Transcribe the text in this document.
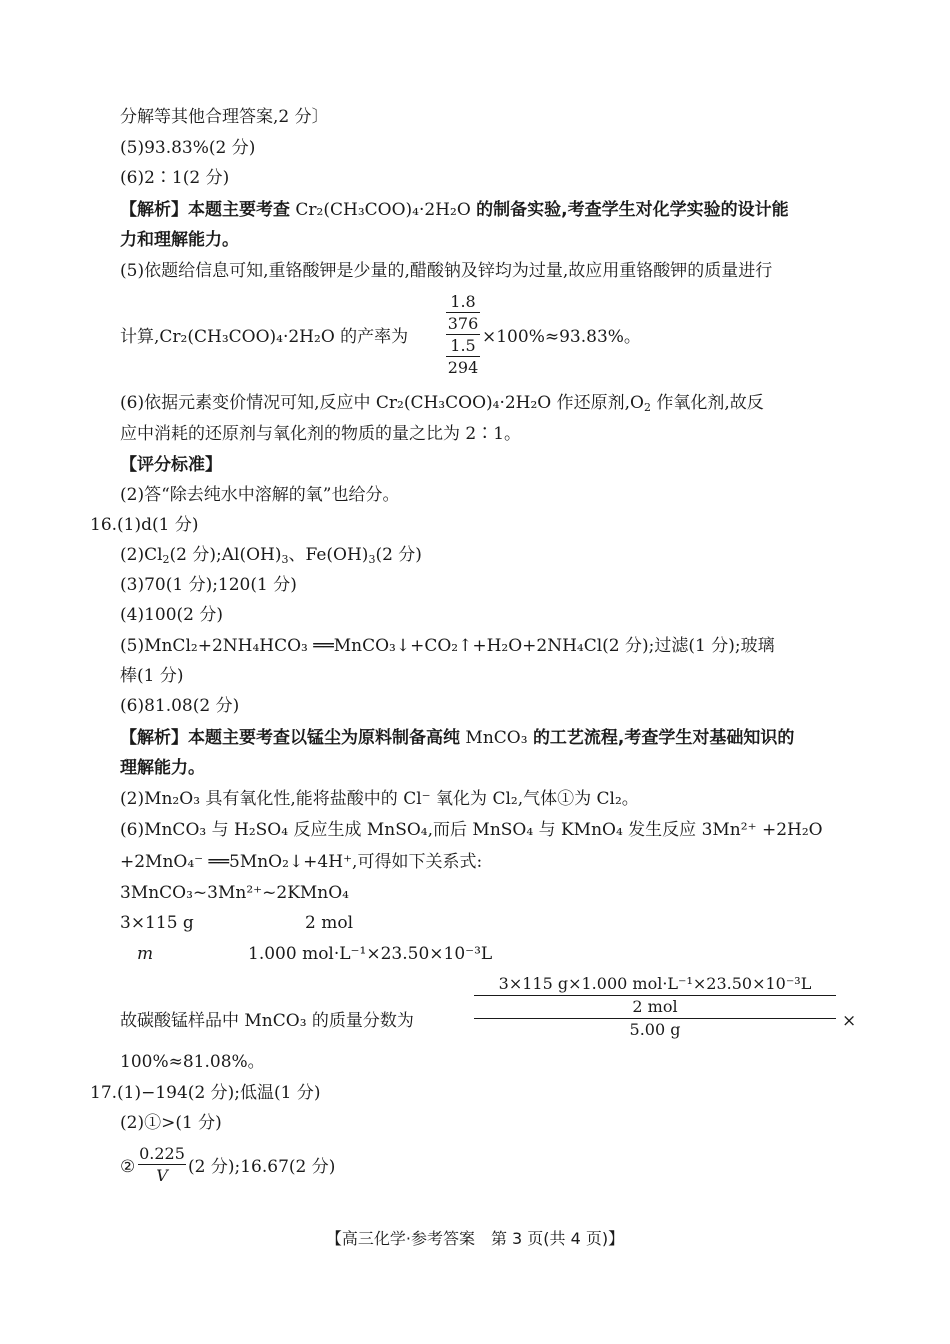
分解等其他合理答案,2 分〕
(5)93.83%(2 分)
(6)2∶1(2 分)
【解析】本题主要考查 Cr₂(CH₃COO)₄·2H₂O 的制备实验,考查学生对化学实验的设计能
力和理解能力。
(5)依题给信息可知,重铬酸钾是少量的,醋酸钠及锌均为过量,故应用重铬酸钾的质量进行
计算,Cr₂(CH₃COO)₄·2H₂O 的产率为
1.8
376
1.5
294
×100%≈93.83%。
(6)依据元素变价情况可知,反应中 Cr₂(CH₃COO)₄·2H₂O 作还原剂$,O_2$ 作氧化剂,故反
应中消耗的还原剂与氧化剂的物质的量之比为 2∶1。
【评分标准】
(2)答“除去纯水中溶解的氧”也给分。
16.(1)d(1 分)
$(2)Cl_2(2$ 分)$;Al(OH)_3$、$Fe(OH)_3(2$ 分)
(3)70(1 分);120(1 分)
(4)100(2 分)
(5)MnCl₂+2NH₄HCO₃ ══MnCO₃↓+CO₂↑+H₂O+2NH₄Cl(2 分);过滤(1 分);玻璃
棒(1 分)
(6)81.08(2 分)
【解析】本题主要考查以锰尘为原料制备高纯 MnCO₃ 的工艺流程,考查学生对基础知识的
理解能力。
(2)Mn₂O₃ 具有氧化性,能将盐酸中的 Cl⁻ 氧化为 Cl₂,气体①为 Cl₂。
(6)MnCO₃ 与 H₂SO₄ 反应生成 MnSO₄,而后 MnSO₄ 与 KMnO₄ 发生反应 3Mn²⁺ +2H₂O
+2MnO₄⁻ ══5MnO₂↓+4H⁺,可得如下关系式:
3MnCO₃~3Mn²⁺~2KMnO₄
3×115 g	2 mol
m	1.000 mol·L⁻¹×23.50×10⁻³L
故碳酸锰样品中 MnCO₃ 的质量分数为
3×115 g×1.000 mol·L⁻¹×23.50×10⁻³L
2 mol
5.00 g	×
100%≈81.08%。
17.(1)−194(2 分);低温(1 分)
(2)①>(1 分)
②
0.225
V	(2 分);16.67(2 分)
【高三化学·参考答案　第 3 页(共 4 页)】
